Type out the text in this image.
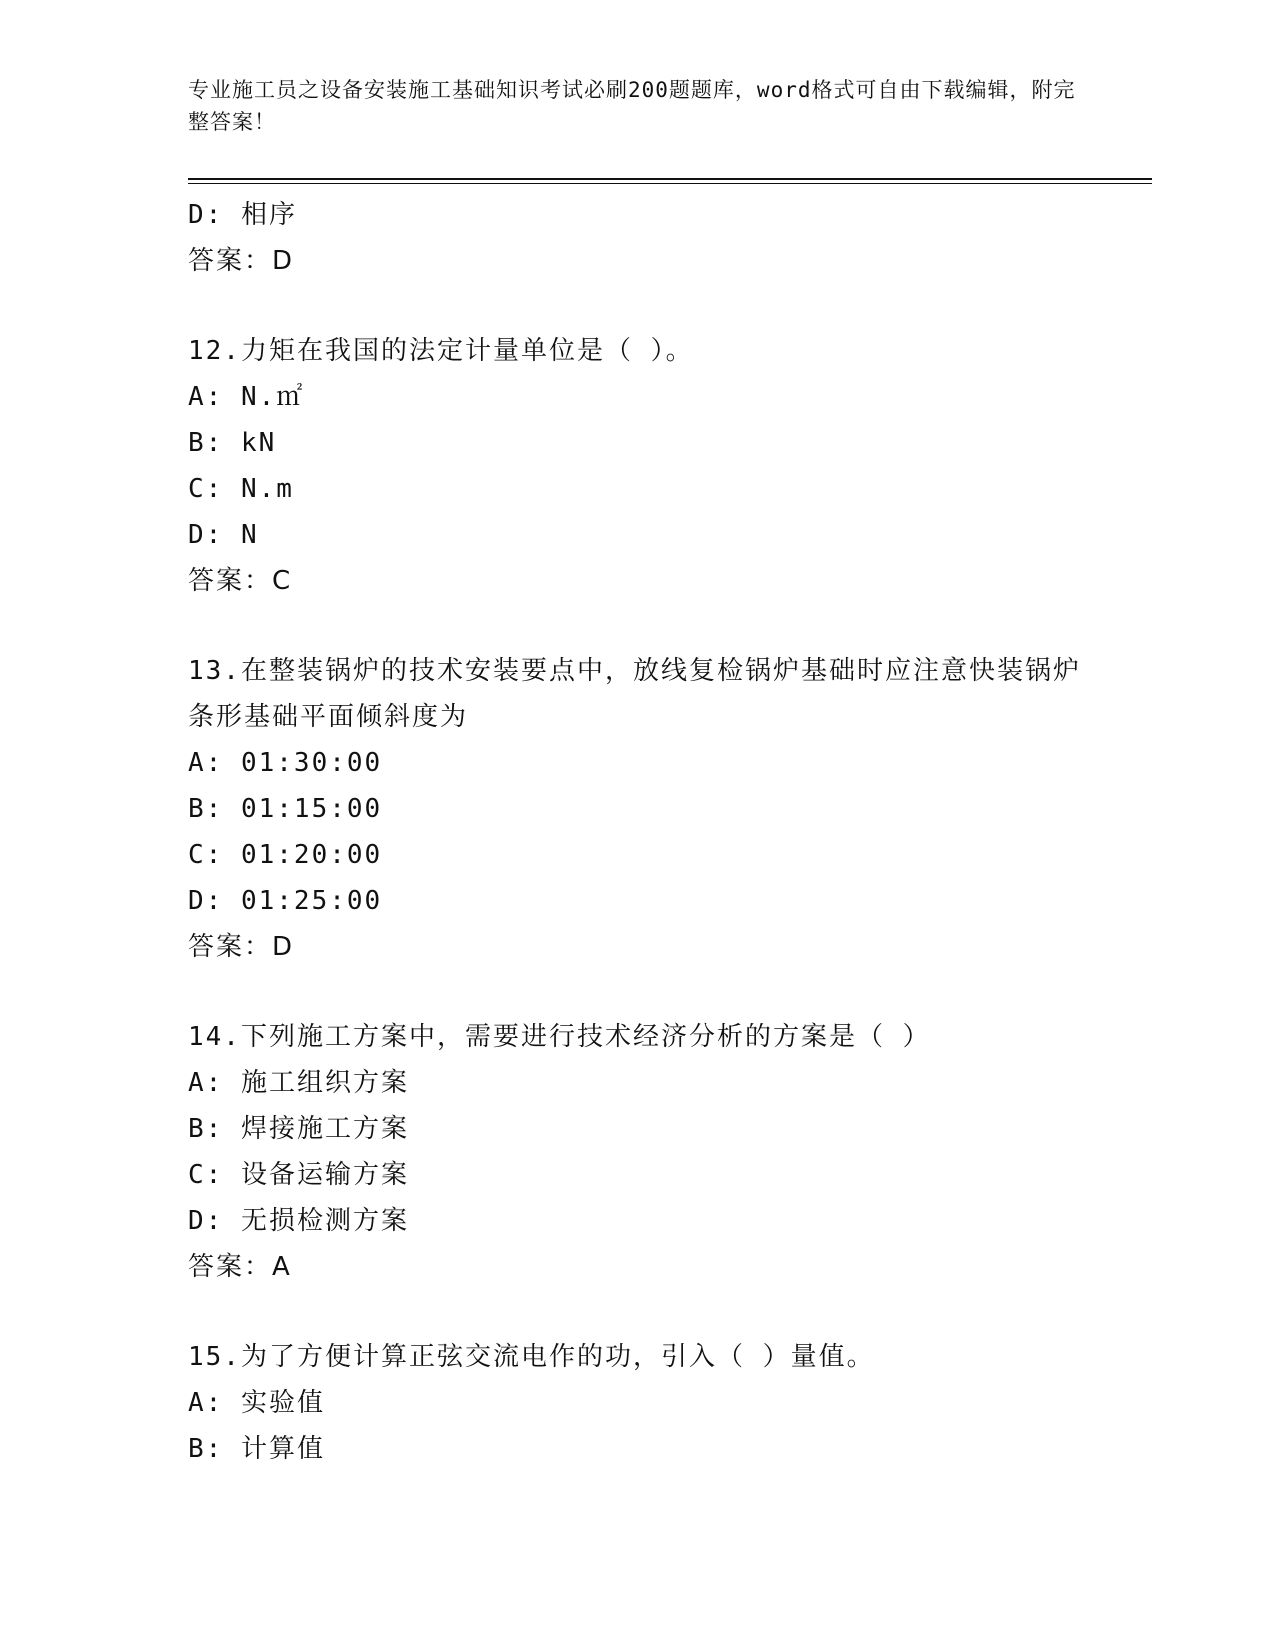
专业施工员之设备安装施工基础知识考试必刷200题题库，word格式可自由下载编辑，附完整答案！
D: 相序
答案：D
12.力矩在我国的法定计量单位是（ ）。
A: N.㎡
B: kN
C: N.m
D: N
答案：C
13.在整装锅炉的技术安装要点中，放线复检锅炉基础时应注意快装锅炉条形基础平面倾斜度为
A: 01:30:00
B: 01:15:00
C: 01:20:00
D: 01:25:00
答案：D
14.下列施工方案中，需要进行技术经济分析的方案是（ ）
A: 施工组织方案
B: 焊接施工方案
C: 设备运输方案
D: 无损检测方案
答案：A
15.为了方便计算正弦交流电作的功，引入（ ）量值。
A: 实验值
B: 计算值
